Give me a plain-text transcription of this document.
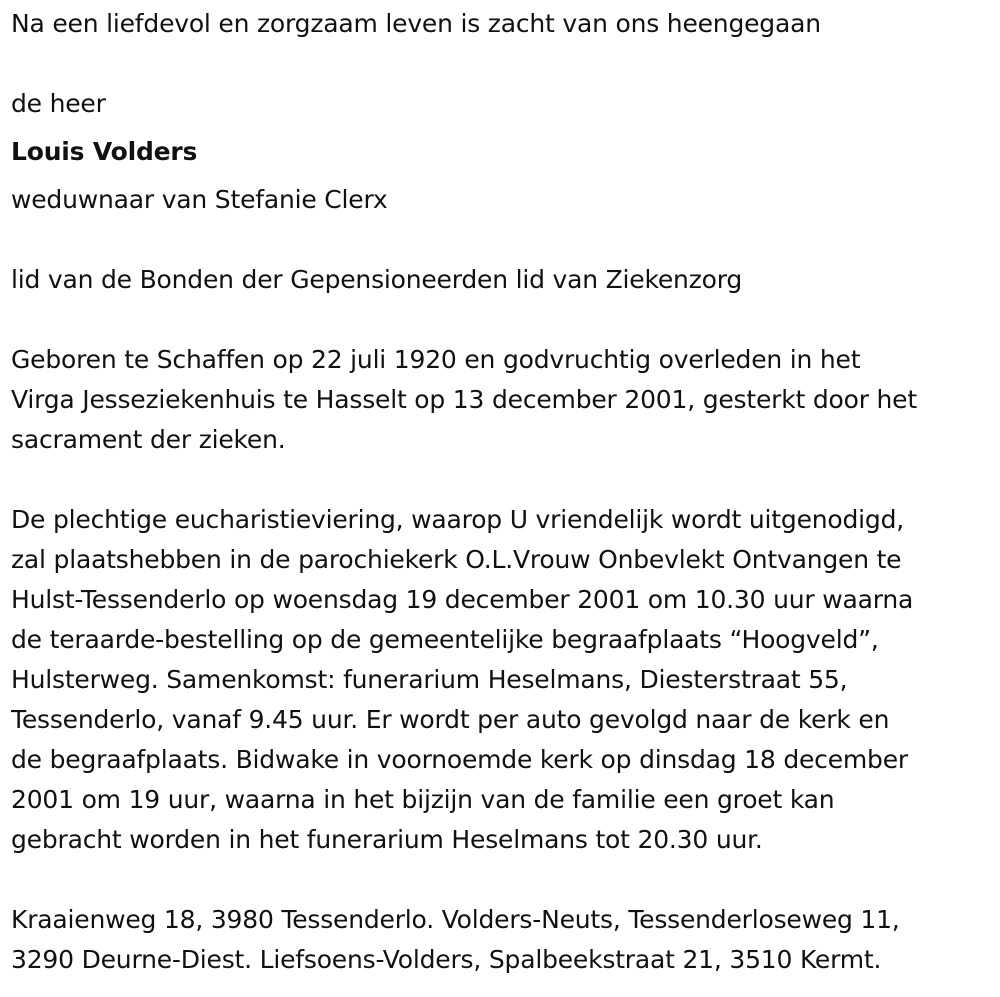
Na een liefdevol en zorgzaam leven is zacht van ons heengegaan

de heer

Louis Volders

weduwnaar van Stefanie Clerx

lid van de Bonden der Gepensioneerden lid van Ziekenzorg

Geboren te Schaffen op 22 juli 1920 en godvruchtig overleden in het

Virga Jesseziekenhuis te Hasselt op 13 december 2001, gesterkt door het

sacrament der zieken.

De plechtige eucharistieviering, waarop U vriendelijk wordt uitgenodigd,

zal plaatshebben in de parochiekerk O.L.Vrouw Onbevlekt Ontvangen te

Hulst-Tessenderlo op woensdag 19 december 2001 om 10.30 uur waarna

de teraarde-bestelling op de gemeentelijke begraafplaats “Hoogveld”,

Hulsterweg. Samenkomst: funerarium Heselmans, Diesterstraat 55,

Tessenderlo, vanaf 9.45 uur. Er wordt per auto gevolgd naar de kerk en

de begraafplaats. Bidwake in voornoemde kerk op dinsdag 18 december

2001 om 19 uur, waarna in het bijzijn van de familie een groet kan

gebracht worden in het funerarium Heselmans tot 20.30 uur.

Kraaienweg 18, 3980 Tessenderlo. Volders-Neuts, Tessenderloseweg 11,

3290 Deurne-Diest. Liefsoens-Volders, Spalbeekstraat 21, 3510 Kermt.
